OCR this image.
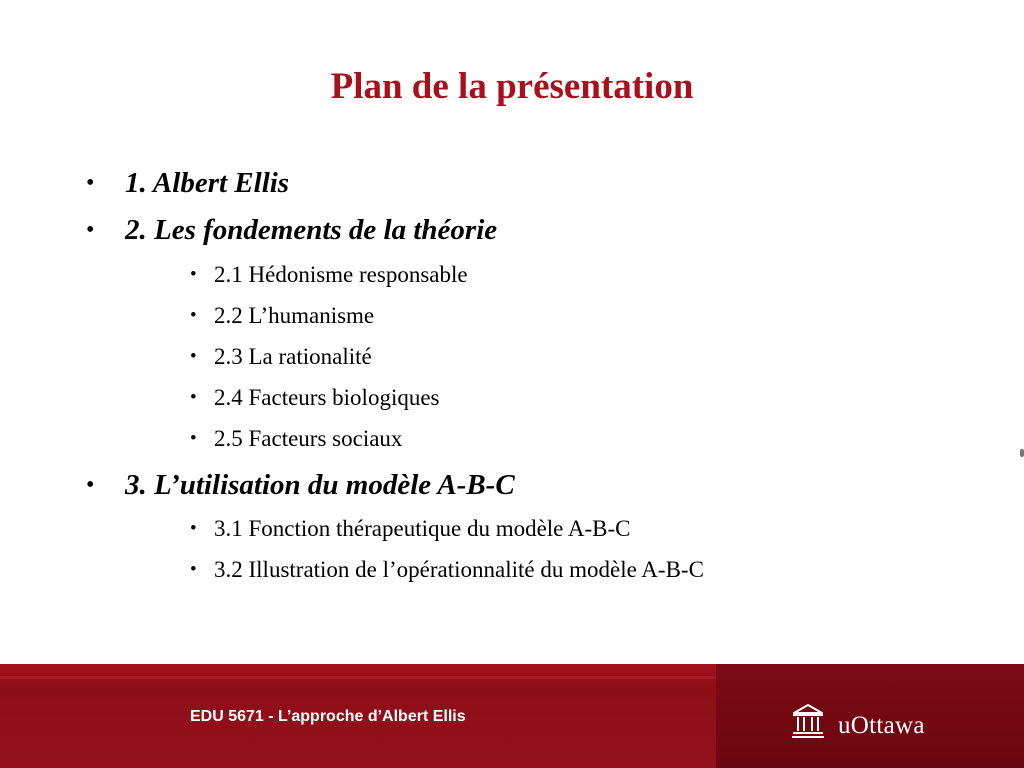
Plan de la présentation
• 1. Albert Ellis
• 2. Les fondements de la théorie
• 2.1 Hédonisme responsable
• 2.2 L’humanisme
• 2.3 La rationalité
• 2.4 Facteurs biologiques
• 2.5 Facteurs sociaux
• 3. L’utilisation du modèle A-B-C
• 3.1 Fonction thérapeutique du modèle A-B-C
• 3.2 Illustration de l’opérationnalité du modèle A-B-C
EDU 5671 - L’approche d’Albert Ellis	uOttawa
